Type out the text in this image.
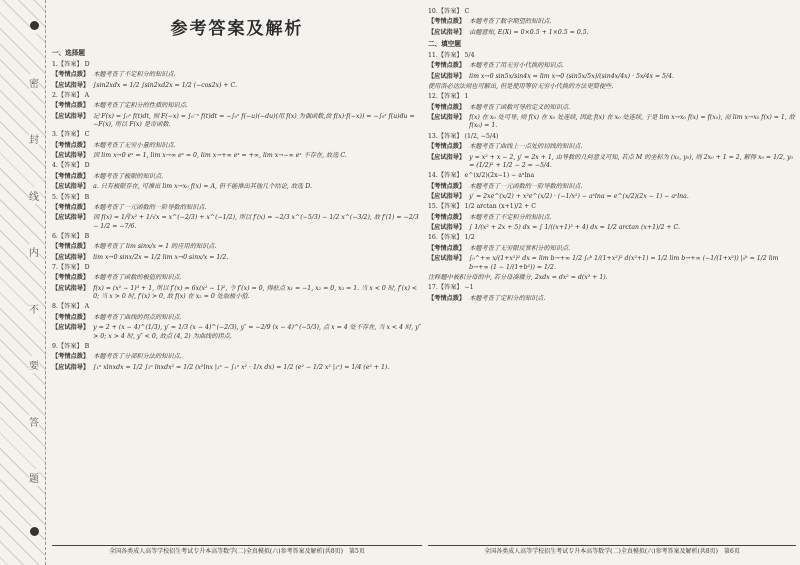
密
封
线
内
不
要
答
题
参考答案及解析
一、选择题
1.【答案】 D
【考情点拨】 本题考查了不定积分的知识点.
【应试指导】 ∫sin2xdx = 1/2 ∫sin2xd2x = 1/2 (−cos2x) + C.
2.【答案】 A
【考情点拨】 本题考查了定积分的性质的知识点.
【应试指导】 记 F(x) = ∫₀ˣ f(t)dt, 则 F(−x) = ∫₀⁻ˣ f(t)dt = −∫₀ˣ f(−u)(−du)(用 f(x) 为偶函数,故 f(x)·f(−x)) = −∫₀ˣ f(u)du = −F(x), 所以 F(x) 是奇函数.
3.【答案】 C
【考情点拨】 本题考查了无穷小量的知识点.
【应试指导】 因 lim x→0 eˣ = 1, lim x→∞ eˣ = 0, lim x→+∞ eˣ = +∞, lim x→−∞ eˣ 不存在, 故选 C.
4.【答案】 D
【考情点拨】 本题考查了极限的知识点.
【应试指导】 a. 只有极限存在, 可推出 lim x→x₀ f(x) = A, 但不能推出其他几个结论, 故选 D.
5.【答案】 B
【考情点拨】 本题考查了一元函数的一阶导数的知识点.
【应试指导】 因 f(x) = 1/∛x² + 1/√x = x^(−2/3) + x^(−1/2), 所以 f′(x) = −2/3 x^(−5/3) − 1/2 x^(−3/2), 故 f′(1) = −2/3 − 1/2 = −7/6.
6.【答案】 B
【考情点拨】 本题考查了 lim sinx/x = 1 的应用的知识点.
【应试指导】 lim x→0 sinx/2x = 1/2 lim x→0 sinx/x = 1/2.
7.【答案】 D
【考情点拨】 本题考查了函数的极值的知识点.
【应试指导】 f(x) = (x² − 1)³ + 1, 所以 f′(x) = 6x(x² − 1)², 令 f′(x) = 0, 得驻点 x₁ = −1, x₂ = 0, x₃ = 1. 当 x < 0 时, f′(x) < 0; 当 x > 0 时, f′(x) > 0, 故 f(x) 在 x₂ = 0 处取极小值.
8.【答案】 A
【考情点拨】 本题考查了曲线的拐点的知识点.
【应试指导】 y = 2 + (x − 4)^(1/3), y′ = 1/3 (x − 4)^(−2/3), y″ = −2/9 (x − 4)^(−5/3), 点 x = 4 处不存在, 当 x < 4 时, y″ > 0; x > 4 时, y″ < 0, 故点 (4, 2) 为曲线的拐点.
9.【答案】 B
【考情点拨】 本题考查了分部积分法的知识点.
【应试指导】 ∫₁ᵉ xlnxdx = 1/2 ∫₁ᵉ lnxdx² = 1/2 (x²lnx |₁ᵉ − ∫₁ᵉ x² · 1/x dx) = 1/2 (e² − 1/2 x² |₁ᵉ) = 1/4 (e² + 1).
全国各类成人高等学校招生考试专升本高等数学(二)全真模拟(六)参考答案及解析(共8页)　第5页
10.【答案】 C
【考情点拨】 本题考查了数学期望的知识点.
【应试指导】 由题意知, E(X) = 0×0.5 + 1×0.5 = 0.5.
二、填空题
11.【答案】 5/4
【考情点拨】 本题考查了用无穷小代换的知识点.
【应试指导】 lim x→0 sin5x/sin4x = lim x→0 (sin5x/5x)/(sin4x/4x) · 5x/4x = 5/4.
使用洛必达法则也可解出, 但是使用等价无穷小代换的方法更简便些.
12.【答案】 1
【考情点拨】 本题考查了函数可导的定义的知识点.
【应试指导】 f(x) 在 x₀ 处可导, 则 f(x) 在 x₀ 处连续, 因此 f(x) 在 x₀ 处连续, 于是 lim x→x₀ f(x) = f(x₀), 而 lim x→x₀ f(x) = 1, 故 f(x₀) = 1.
13.【答案】 (1/2, −5/4)
【考情点拨】 本题考查了曲线上一点处的切线的知识点.
【应试指导】 y = x² + x − 2, y′ = 2x + 1, 由导数的几何意义可知, 若点 M 的坐标为 (x₀, y₀), 则 2x₀ + 1 = 2, 解得 x₀ = 1/2, y₀ = (1/2)² + 1/2 − 2 = −5/4.
14.【答案】 e^(x/2)(2x−1) − aˣlna
【考情点拨】 本题考查了一元函数的一阶导数的知识点.
【应试指导】 y′ = 2xe^(x/2) + x²e^(x/2) · (−1/x²) − aˣlna = e^(x/2)(2x − 1) − aˣlna.
15.【答案】 1/2 arctan (x+1)/2 + C
【考情点拨】 本题考查了不定积分的知识点.
【应试指导】 ∫ 1/(x² + 2x + 5) dx = ∫ 1/((x+1)² + 4) dx = 1/2 arctan (x+1)/2 + C.
16.【答案】 1/2
【考情点拨】 本题考查了无穷限反常积分的知识点.
【应试指导】 ∫₀^+∞ x/(1+x²)² dx = lim b→+∞ 1/2 ∫₀ᵇ 1/(1+x²)² d(x²+1) = 1/2 lim b→+∞ (−1/(1+x²)) |₀ᵇ = 1/2 lim b→+∞ (1 − 1/(1+b²)) = 1/2.
注释题中被积分母的中, 若分母凑微分, 2xdx = dx² = d(x² + 1).
17.【答案】 −1
【考情点拨】 本题考查了定积分的知识点.
全国各类成人高等学校招生考试专升本高等数学(二)全真模拟(六)参考答案及解析(共8页)　第6页
